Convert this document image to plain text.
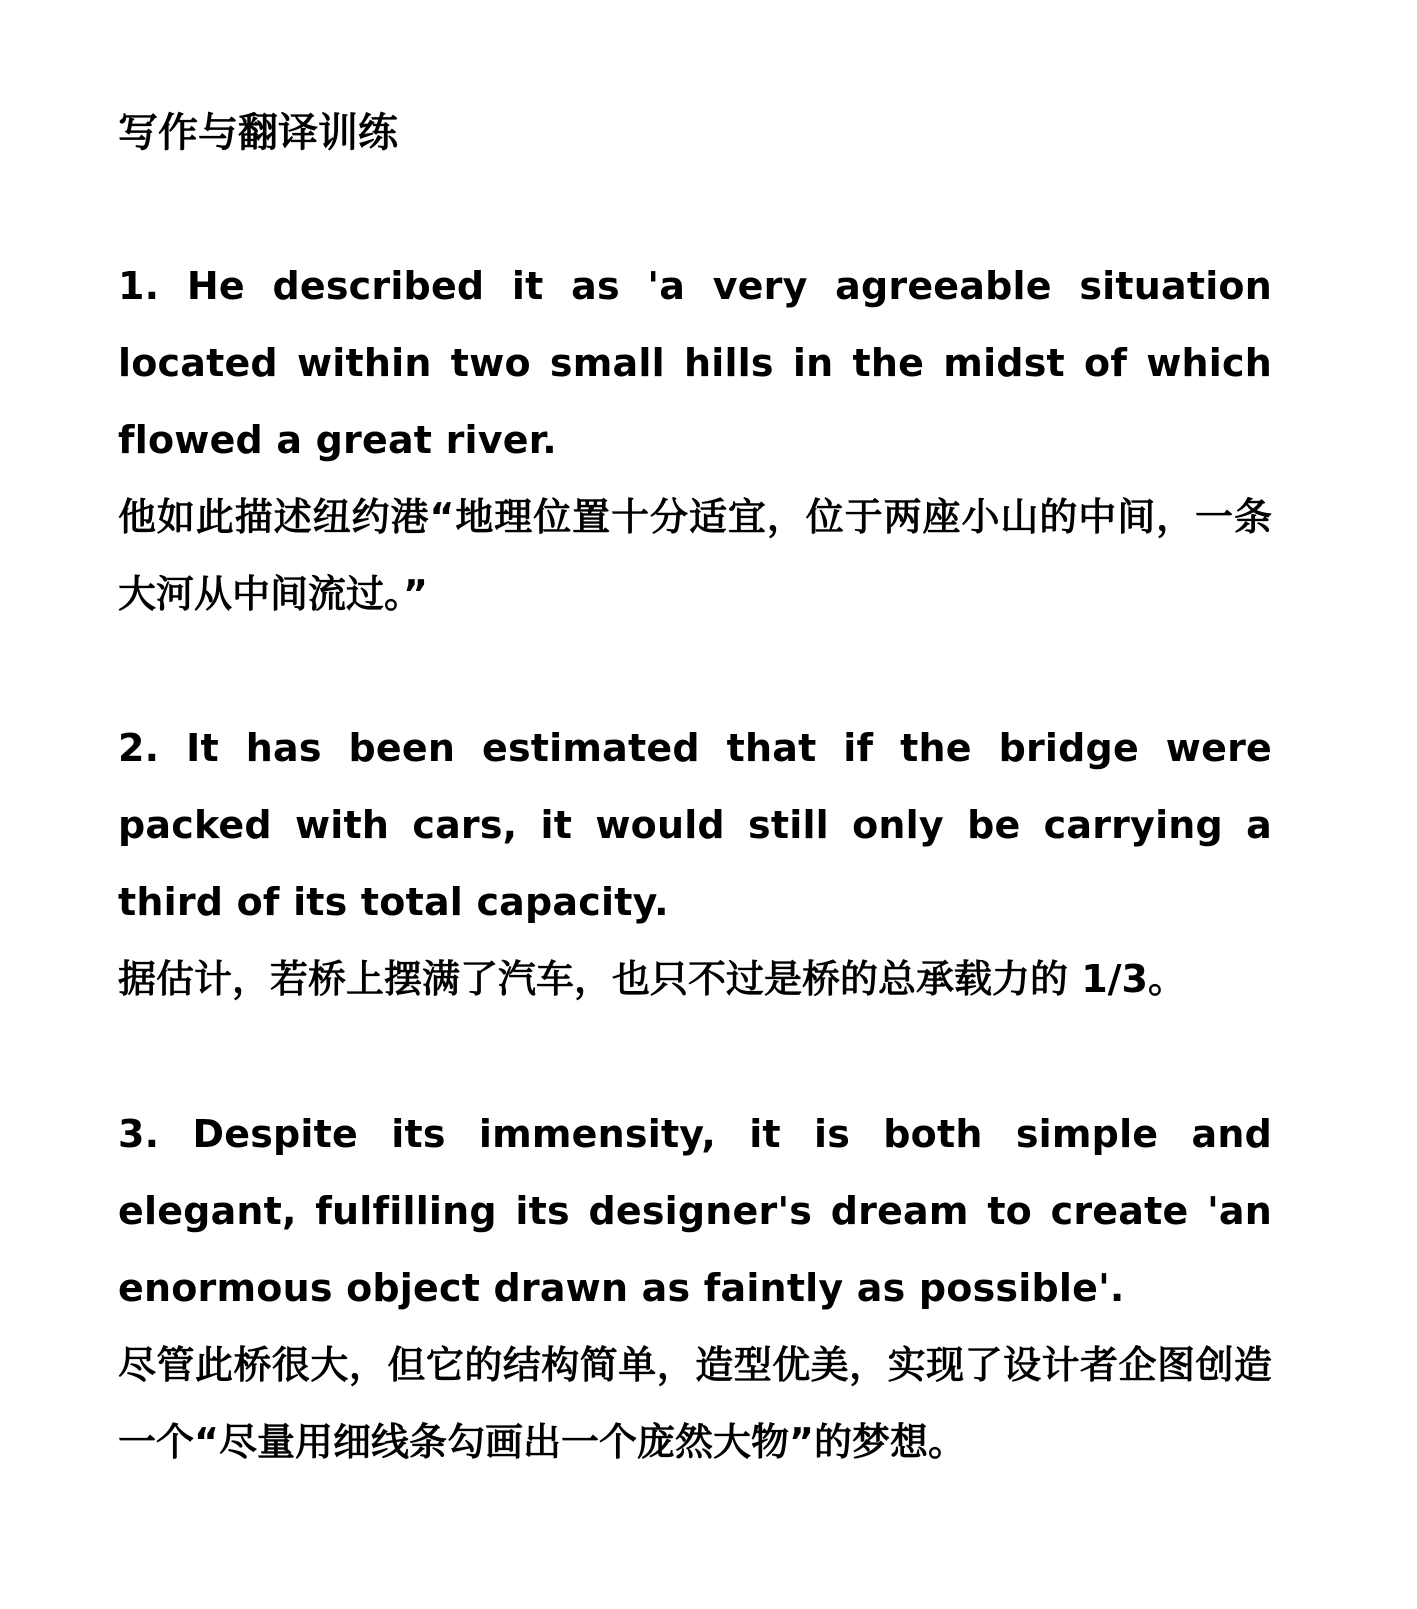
写作与翻译训练
1. He described it as 'a very agreeable situation located within two small hills in the midst of which flowed a great river.
他如此描述纽约港“地理位置十分适宜，位于两座小山的中间，一条大河从中间流过。”
2. It has been estimated that if the bridge were packed with cars, it would still only be carrying a third of its total capacity.
据估计，若桥上摆满了汽车，也只不过是桥的总承载力的 1/3。
3. Despite its immensity, it is both simple and elegant, fulfilling its designer's dream to create 'an enormous object drawn as faintly as possible'.
尽管此桥很大，但它的结构简单，造型优美，实现了设计者企图创造一个“尽量用细线条勾画出一个庞然大物”的梦想。
